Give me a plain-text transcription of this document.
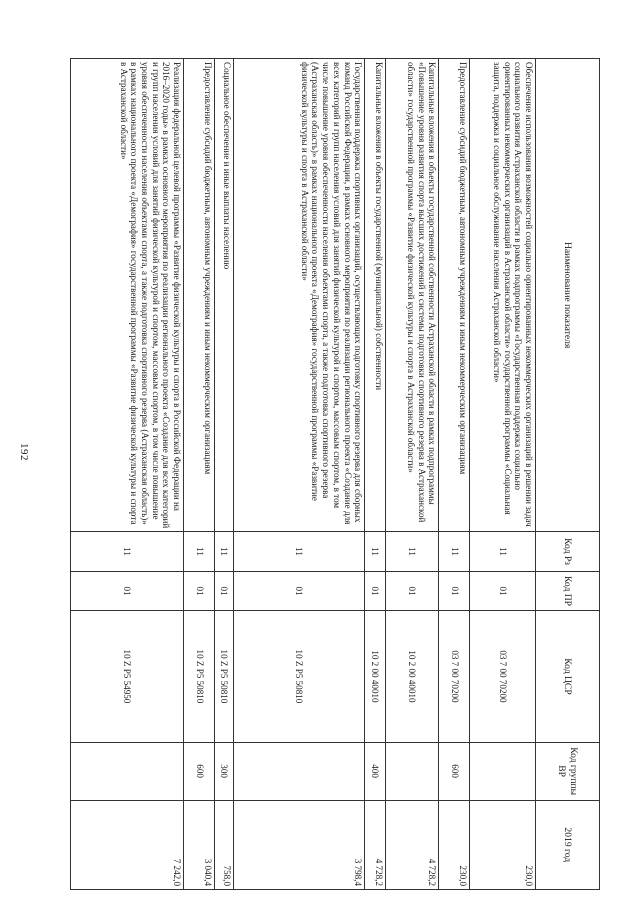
192
Наименование показателя	Код Рз	Код ПР	Код ЦСР	Код группы ВР	2019 год
Обеспечение использования возможностей социально ориентированных некоммерческих организаций в решении задач социального развития Астраханской области в рамках подпрограммы «Государственная поддержка социально ориентированных некоммерческих организаций в Астраханской области» государственной программы «Социальная защита, поддержка и социальное обслуживание населения Астраханской области»	11	01	03 7 00 70200		230,0
Предоставление субсидий бюджетным, автономным учреждениям и иным некоммерческим организациям	11	01	03 7 00 70200	600	230,0
Капитальные вложения в объекты государственной собственности Астраханской области в рамках подпрограммы «Повышение уровня развития спорта высших достижений и системы подготовки спортивного резерва в Астраханской области» государственной программы «Развитие физической культуры и спорта в Астраханской области»	11	01	10 2 00 40010		4 728,2
Капитальные вложения в объекты государственной (муниципальной) собственности	11	01	10 2 00 40010	400	4 728,2
Государственная поддержка спортивных организаций, осуществляющих подготовку спортивного резерва для сборных команд Российской Федерации, в рамках основного мероприятия по реализации регионального проекта «Создание для всех категорий и групп населения условий для занятий физической культурой и спортом, массовым спортом, в том числе повышение уровня обеспеченности населения объектами спорта, а также подготовка спортивного резерва (Астраханская область)» в рамках национального проекта «Демография» государственной программы «Развитие физической культуры и спорта в Астраханской области»	11	01	10 Z P5 50810		3 798,4
Социальное обеспечение и иные выплаты населению	11	01	10 Z P5 50810	300	758,0
Предоставление субсидий бюджетным, автономным учреждениям и иным некоммерческим организациям	11	01	10 Z P5 50810	600	3 040,4
Реализация федеральной целевой программы «Развитие физической культуры и спорта в Российской Федерации на 2016–2020 годы» в рамках основного мероприятия по реализации регионального проекта «Создание для всех категорий и групп населения условий для занятий физической культурой и спортом, массовым спортом, в том числе повышение уровня обеспеченности населения объектами спорта, а также подготовка спортивного резерва (Астраханская область)» в рамках национального проекта «Демография» государственной программы «Развитие физической культуры и спорта в Астраханской области»	11	01	10 Z P5 54950		7 242,0
